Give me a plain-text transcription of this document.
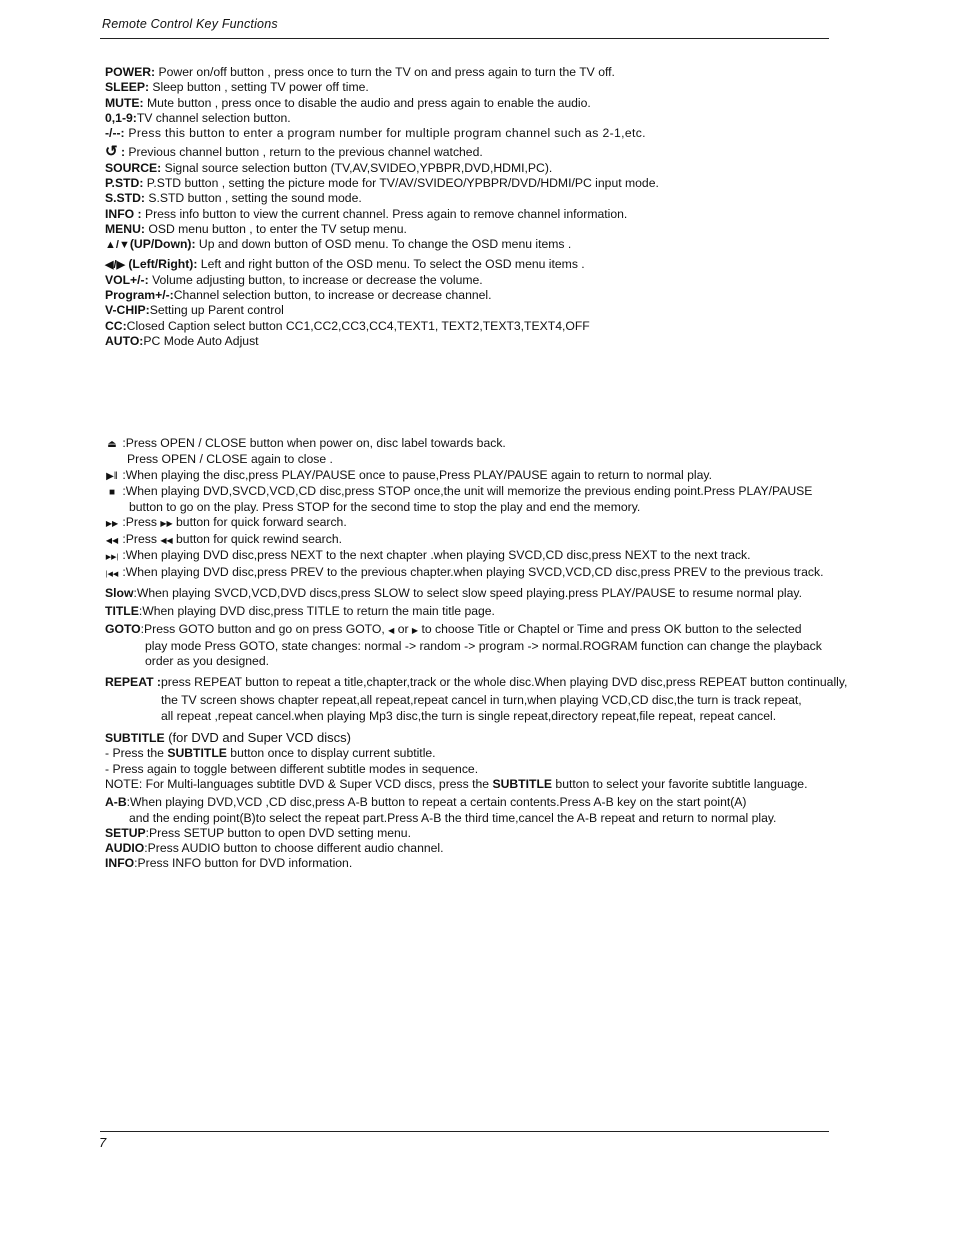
Remote Control Key Functions
POWER: Power on/off button , press once to turn the TV on and press again to turn the TV off.
SLEEP: Sleep button , setting TV power off time.
MUTE: Mute button , press once to disable the audio and press again to enable the audio.
0,1-9:TV channel selection button.
-/--: Press this button to enter a program number for multiple program channel such as 2-1,etc.
↺ : Previous channel button , return to the previous channel watched.
SOURCE: Signal source selection button (TV,AV,SVIDEO,YPBPR,DVD,HDMI,PC).
P.STD: P.STD button , setting the picture mode for TV/AV/SVIDEO/YPBPR/DVD/HDMI/PC input mode.
S.STD: S.STD button , setting the sound mode.
INFO : Press info button to view the current channel. Press again to remove channel information.
MENU: OSD menu button , to enter the TV setup menu.
▲/▼(UP/Down): Up and down button of OSD menu. To change the OSD menu items .
◀/▶ (Left/Right): Left and right button of the OSD menu. To select the OSD menu items .
VOL+/-: Volume adjusting button, to increase or decrease the volume.
Program+/-:Channel selection button, to increase or decrease channel.
V-CHIP:Setting up Parent control
CC:Closed Caption select button CC1,CC2,CC3,CC4,TEXT1, TEXT2,TEXT3,TEXT4,OFF
AUTO:PC Mode Auto Adjust
⏏ :Press OPEN / CLOSE button when power on, disc label towards back.
Press OPEN / CLOSE again to close .
▶‖ :When playing the disc,press PLAY/PAUSE once to pause,Press PLAY/PAUSE again to return to normal play.
■ :When playing DVD,SVCD,VCD,CD disc,press STOP once,the unit will memorize the previous ending point.Press PLAY/PAUSE
button to go on the play. Press STOP for the second time to stop the play and end the memory.
▶▶ :Press ▶▶ button for quick forward search.
◀◀ :Press ◀◀ button for quick rewind search.
▶▶| :When playing DVD disc,press NEXT to the next chapter .when playing SVCD,CD disc,press NEXT to the next track.
|◀◀ :When playing DVD disc,press PREV to the previous chapter.when playing SVCD,VCD,CD disc,press PREV to the previous track.
Slow:When playing SVCD,VCD,DVD discs,press SLOW to select slow speed playing.press PLAY/PAUSE to resume normal play.
TITLE:When playing DVD disc,press TITLE to return the main title page.
GOTO:Press GOTO button and go on press GOTO, ◀ or ▶ to choose Title or Chaptel or Time and press OK button to the selected
play mode Press GOTO, state changes: normal -> random -> program -> normal.ROGRAM function can change the playback
order as you designed.
REPEAT :press REPEAT button to repeat a title,chapter,track or the whole disc.When playing DVD disc,press REPEAT button continually,
the TV screen shows chapter repeat,all repeat,repeat cancel in turn,when playing VCD,CD disc,the turn is track repeat,
all repeat ,repeat cancel.when playing Mp3 disc,the turn is single repeat,directory repeat,file repeat, repeat cancel.
SUBTITLE (for DVD and Super VCD discs)
- Press the SUBTITLE button once to display current subtitle.
- Press again to toggle between different subtitle modes in sequence.
NOTE: For Multi-languages subtitle DVD & Super VCD discs, press the SUBTITLE button to select your favorite subtitle language.
A-B:When playing DVD,VCD ,CD disc,press A-B button to repeat a certain contents.Press A-B key on the start point(A)
and the ending point(B)to select the repeat part.Press A-B the third time,cancel the A-B repeat and return to normal play.
SETUP:Press SETUP button to open DVD setting menu.
AUDIO:Press AUDIO button to choose different audio channel.
INFO:Press INFO button for DVD information.
7
